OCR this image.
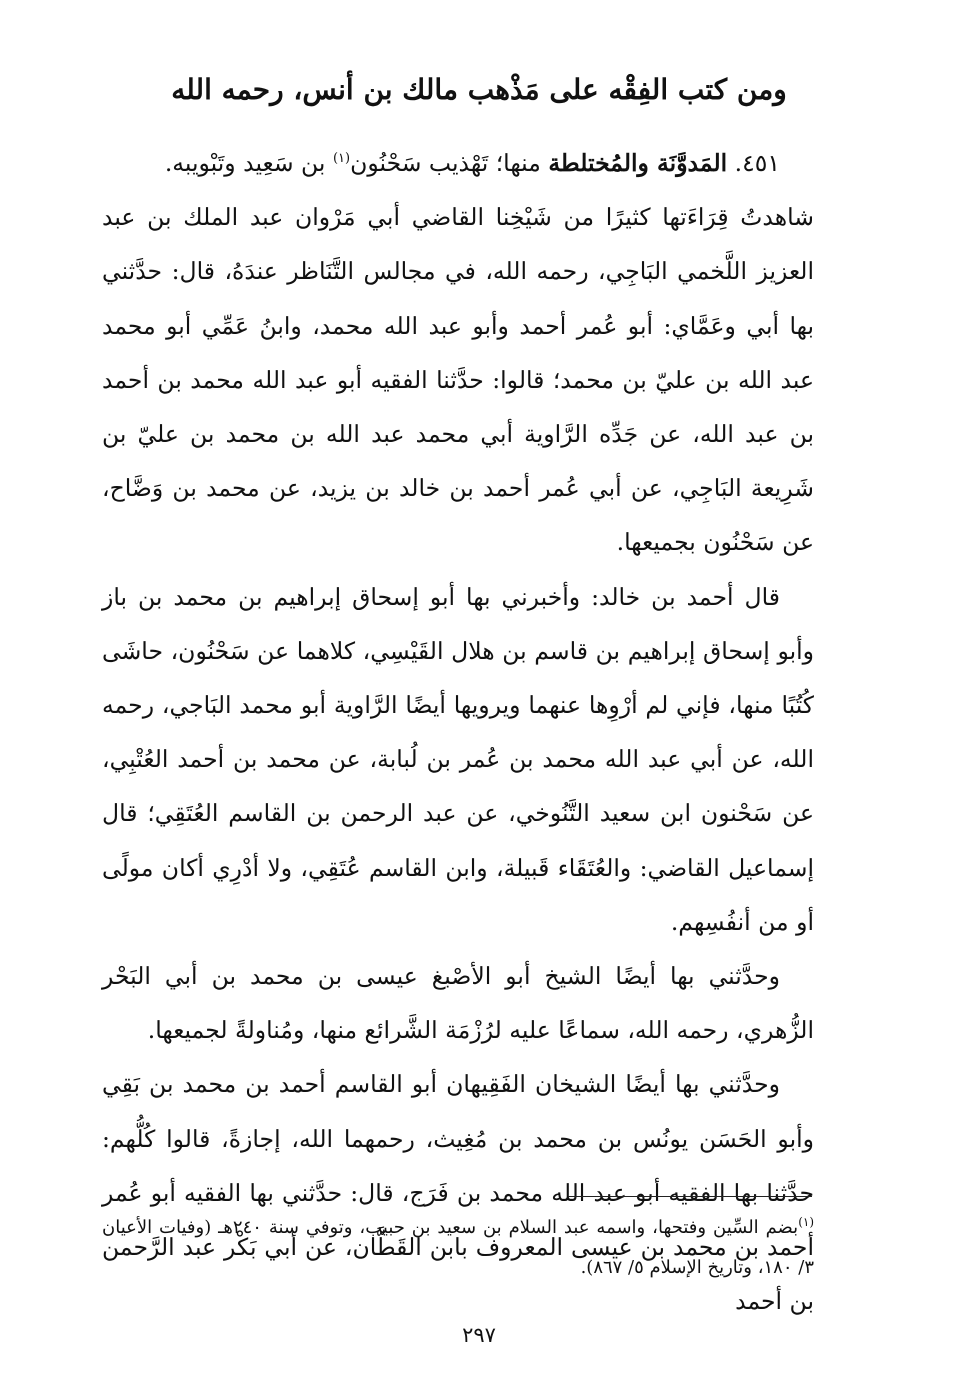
ومن كتب الفِقْه على مَذْهب مالك بن أنس، رحمه الله

٤٥١. المَدوَّنَة والمُختلطة منها؛ تَهْذيب سَحْنُون$^{(١)}$ بن سَعِيد وتَبْويبه.

شاهدتُ قِرَاءَتها كثيرًا من شَيْخِنا القاضي أبي مَرْوان عبد الملك بن عبد العزيز اللَّخمي البَاجِي، رحمه الله، في مجالس التَّنَاظر عندَهُ، قال: حدَّثني بها أبي وعَمَّاي: أبو عُمر أحمد وأبو عبد الله محمد، وابنُ عَمِّي أبو محمد عبد الله بن عليّ بن محمد؛ قالوا: حدَّثنا الفقيه أبو عبد الله محمد بن أحمد بن عبد الله، عن جَدِّه الرَّاوية أبي محمد عبد الله بن محمد بن عليّ بن شَرِيعة البَاجِي، عن أبي عُمر أحمد بن خالد بن يزيد، عن محمد بن وَضَّاح، عن سَحْنُون بجميعها.

قال أحمد بن خالد: وأخبرني بها أبو إسحاق إبراهيم بن محمد بن باز وأبو إسحاق إبراهيم بن قاسم بن هلال القَيْسِي، كلاهما عن سَحْنُون، حاشَى كُتُبًا منها، فإني لم أرْوِها عنهما ويرويها أيضًا الرَّاوية أبو محمد البَاجي، رحمه الله، عن أبي عبد الله محمد بن عُمر بن لُبابة، عن محمد بن أحمد العُتْبِي، عن سَحْنون ابن سعيد التَّنُوخي، عن عبد الرحمن بن القاسم العُتَقِي؛ قال إسماعيل القاضي: والعُتَقَاء قَبيلة، وابن القاسم عُتَقِي، ولا أدْرِي أكان مولًى أو من أنفُسِهم.

وحدَّثني بها أيضًا الشيخ أبو الأصْبغ عيسى بن محمد بن أبي البَحْر الزُّهري، رحمه الله، سماعًا عليه لرُزْمَة الشَّرائع منها، ومُناولةً لجميعها.

وحدَّثني بها أيضًا الشيخان الفَقِيهان أبو القاسم أحمد بن محمد بن بَقِي وأبو الحَسَن يونُس بن محمد بن مُغِيث، رحمهما الله، إجازةً، قالوا كُلُّهم: حدَّثنا بها الفقيه أبو عبد الله محمد بن فَرَج، قال: حدَّثني بها الفقيه أبو عُمر أحمد بن محمد بن عيسى المعروف بابن القَطَّان، عن أبي بَكْر عبد الرَّحمن بن أحمد

$^{(١)}$بضم السِّين وفتحها، واسمه عبد السلام بن سعيد بن حبيب، وتوفي سنة ٢٤٠هـ (وفيات الأعيان ٣/ ١٨٠، وتاريخ الإسلام ٥/ ٨٦٧).
٢٩٧
